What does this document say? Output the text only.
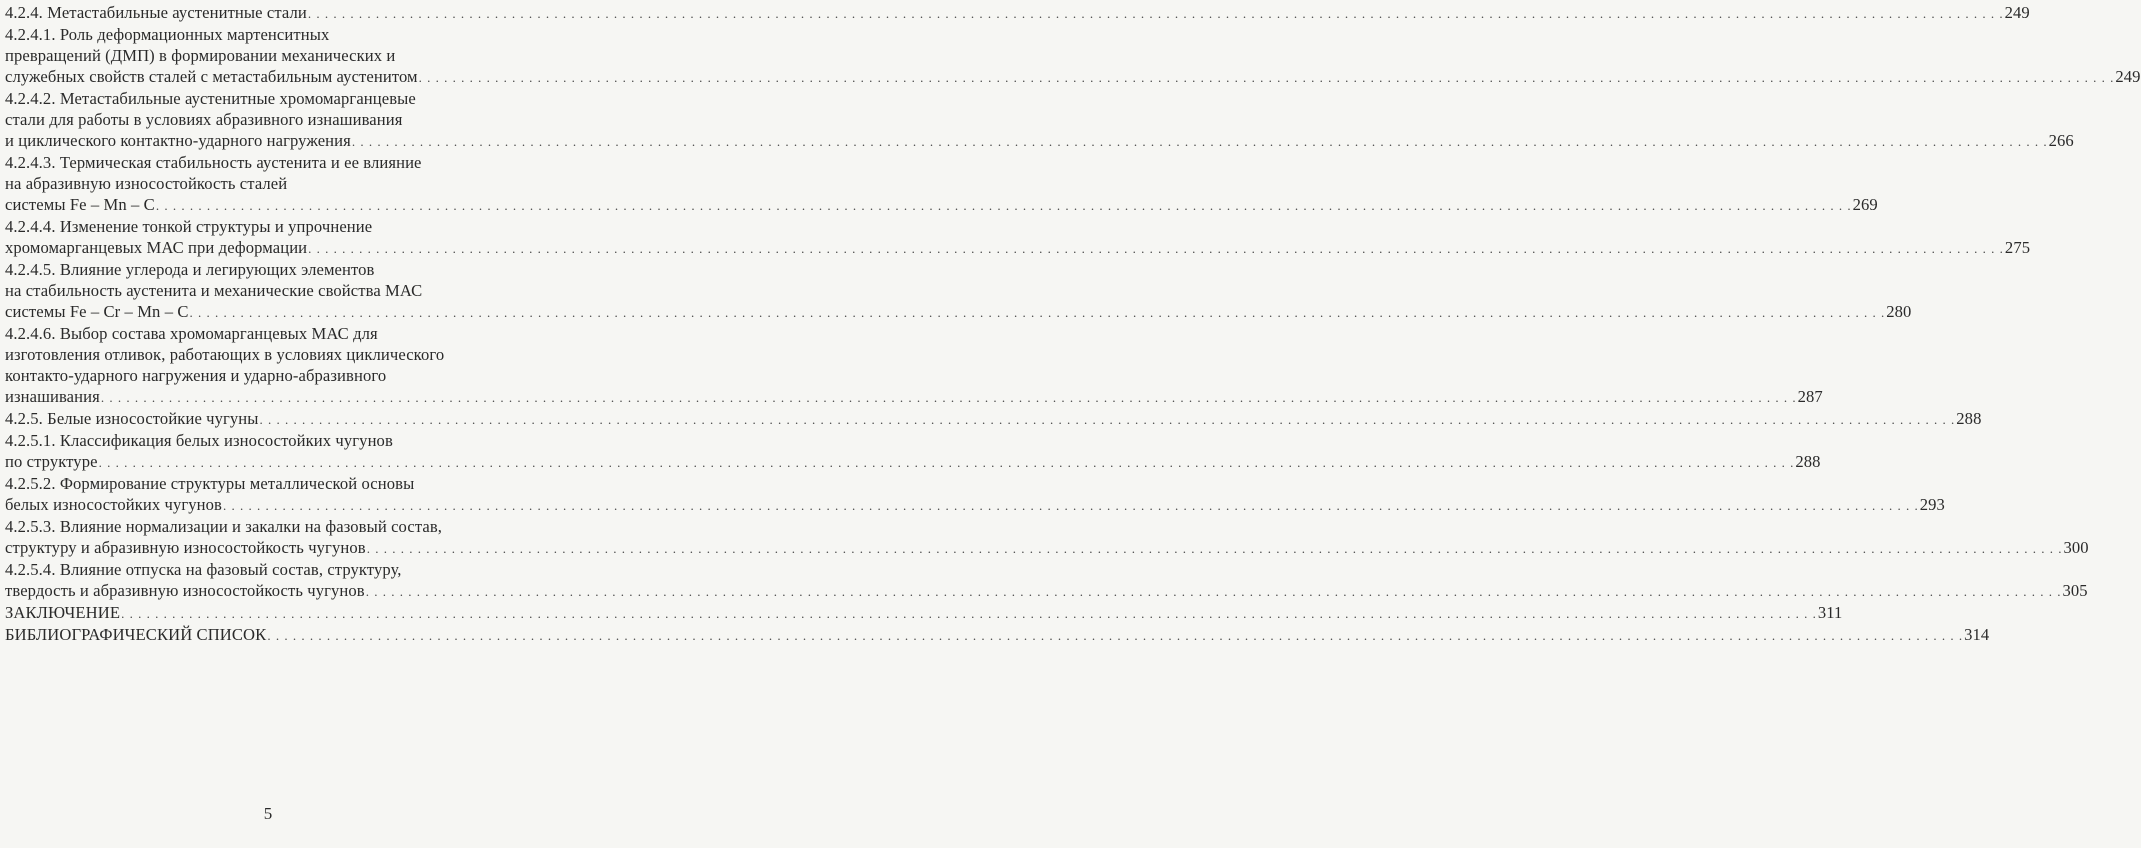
4.2.4. Метастабильные аустенитные стали . . . . . . . . . . . . . . . . . . . . . . . . . . . . . . . . . . . . . . . . . . . . . . . . . . . . . . . . . . . . . . . . . . . . . . . . . . . . . . . . . . . . . . . . . . . . . . . . . . . . . . . . . . . . . . . . . . . . . . . . . . . . . . . . . . . . . . . . . . . . . . . . . . . . . . . . . . . . . . . . . . . . . . . . . . . . . . . . . . . . . . . . . . . . . . . . . . . . . . . . 249
4.2.4.1. Роль деформационных мартенситных
превращений (ДМП) в формировании механических и
служебных свойств сталей с метастабильным аустенитом . . . . . . . . . . . . . . . . . . . . . . . . . . . . . . . . . . . . . . . . . . . . . . . . . . . . . . . . . . . . . . . . . . . . . . . . . . . . . . . . . . . . . . . . . . . . . . . . . . . . . . . . . . . . . . . . . . . . . . . . . . . . . . . . . . . . . . . . . . . . . . . . . . . . . . . . . . . . . . . . . . . . . . . . . . . . . . . . . . . . . . . . . . . . . . . . . . . . . . . . 249
4.2.4.2. Метастабильные аустенитные хромомарганцевые
стали для работы в условиях абразивного изнашивания
и циклического контактно-ударного нагружения . . . . . . . . . . . . . . . . . . . . . . . . . . . . . . . . . . . . . . . . . . . . . . . . . . . . . . . . . . . . . . . . . . . . . . . . . . . . . . . . . . . . . . . . . . . . . . . . . . . . . . . . . . . . . . . . . . . . . . . . . . . . . . . . . . . . . . . . . . . . . . . . . . . . . . . . . . . . . . . . . . . . . . . . . . . . . . . . . . . . . . . . . . . . . . . . . . . . . . . . 266
4.2.4.3. Термическая стабильность аустенита и ее влияние
на абразивную износостойкость сталей
системы Fe – Mn – C . . . . . . . . . . . . . . . . . . . . . . . . . . . . . . . . . . . . . . . . . . . . . . . . . . . . . . . . . . . . . . . . . . . . . . . . . . . . . . . . . . . . . . . . . . . . . . . . . . . . . . . . . . . . . . . . . . . . . . . . . . . . . . . . . . . . . . . . . . . . . . . . . . . . . . . . . . . . . . . . . . . . . . . . . . . . . . . . . . . . . . . . . . . . . . . . . . . . . . . . 269
4.2.4.4. Изменение тонкой структуры и упрочнение
хромомарганцевых МАС при деформации . . . . . . . . . . . . . . . . . . . . . . . . . . . . . . . . . . . . . . . . . . . . . . . . . . . . . . . . . . . . . . . . . . . . . . . . . . . . . . . . . . . . . . . . . . . . . . . . . . . . . . . . . . . . . . . . . . . . . . . . . . . . . . . . . . . . . . . . . . . . . . . . . . . . . . . . . . . . . . . . . . . . . . . . . . . . . . . . . . . . . . . . . . . . . . . . . . . . . . . . 275
4.2.4.5. Влияние углерода и легирующих элементов
на стабильность аустенита и механические свойства МАС
системы Fe – Cr – Mn – C . . . . . . . . . . . . . . . . . . . . . . . . . . . . . . . . . . . . . . . . . . . . . . . . . . . . . . . . . . . . . . . . . . . . . . . . . . . . . . . . . . . . . . . . . . . . . . . . . . . . . . . . . . . . . . . . . . . . . . . . . . . . . . . . . . . . . . . . . . . . . . . . . . . . . . . . . . . . . . . . . . . . . . . . . . . . . . . . . . . . . . . . . . . . . . . . . . . . . . . . 280
4.2.4.6. Выбор состава хромомарганцевых МАС для
изготовления отливок, работающих в условиях циклического
контакто-ударного нагружения и ударно-абразивного
изнашивания . . . . . . . . . . . . . . . . . . . . . . . . . . . . . . . . . . . . . . . . . . . . . . . . . . . . . . . . . . . . . . . . . . . . . . . . . . . . . . . . . . . . . . . . . . . . . . . . . . . . . . . . . . . . . . . . . . . . . . . . . . . . . . . . . . . . . . . . . . . . . . . . . . . . . . . . . . . . . . . . . . . . . . . . . . . . . . . . . . . . . . . . . . . . . . . . . . . . . . . . 287
4.2.5. Белые износостойкие чугуны . . . . . . . . . . . . . . . . . . . . . . . . . . . . . . . . . . . . . . . . . . . . . . . . . . . . . . . . . . . . . . . . . . . . . . . . . . . . . . . . . . . . . . . . . . . . . . . . . . . . . . . . . . . . . . . . . . . . . . . . . . . . . . . . . . . . . . . . . . . . . . . . . . . . . . . . . . . . . . . . . . . . . . . . . . . . . . . . . . . . . . . . . . . . . . . . . . . . . . . . 288
4.2.5.1. Классификация белых износостойких чугунов
по структуре . . . . . . . . . . . . . . . . . . . . . . . . . . . . . . . . . . . . . . . . . . . . . . . . . . . . . . . . . . . . . . . . . . . . . . . . . . . . . . . . . . . . . . . . . . . . . . . . . . . . . . . . . . . . . . . . . . . . . . . . . . . . . . . . . . . . . . . . . . . . . . . . . . . . . . . . . . . . . . . . . . . . . . . . . . . . . . . . . . . . . . . . . . . . . . . . . . . . . . . . 288
4.2.5.2. Формирование структуры металлической основы
белых износостойких чугунов . . . . . . . . . . . . . . . . . . . . . . . . . . . . . . . . . . . . . . . . . . . . . . . . . . . . . . . . . . . . . . . . . . . . . . . . . . . . . . . . . . . . . . . . . . . . . . . . . . . . . . . . . . . . . . . . . . . . . . . . . . . . . . . . . . . . . . . . . . . . . . . . . . . . . . . . . . . . . . . . . . . . . . . . . . . . . . . . . . . . . . . . . . . . . . . . . . . . . . . . 293
4.2.5.3. Влияние нормализации и закалки на фазовый состав,
структуру и абразивную износостойкость чугунов . . . . . . . . . . . . . . . . . . . . . . . . . . . . . . . . . . . . . . . . . . . . . . . . . . . . . . . . . . . . . . . . . . . . . . . . . . . . . . . . . . . . . . . . . . . . . . . . . . . . . . . . . . . . . . . . . . . . . . . . . . . . . . . . . . . . . . . . . . . . . . . . . . . . . . . . . . . . . . . . . . . . . . . . . . . . . . . . . . . . . . . . . . . . . . . . . . . . . . . . 300
4.2.5.4. Влияние отпуска на фазовый состав, структуру,
твердость и абразивную износостойкость чугунов . . . . . . . . . . . . . . . . . . . . . . . . . . . . . . . . . . . . . . . . . . . . . . . . . . . . . . . . . . . . . . . . . . . . . . . . . . . . . . . . . . . . . . . . . . . . . . . . . . . . . . . . . . . . . . . . . . . . . . . . . . . . . . . . . . . . . . . . . . . . . . . . . . . . . . . . . . . . . . . . . . . . . . . . . . . . . . . . . . . . . . . . . . . . . . . . . . . . . . . . 305
ЗАКЛЮЧЕНИЕ . . . . . . . . . . . . . . . . . . . . . . . . . . . . . . . . . . . . . . . . . . . . . . . . . . . . . . . . . . . . . . . . . . . . . . . . . . . . . . . . . . . . . . . . . . . . . . . . . . . . . . . . . . . . . . . . . . . . . . . . . . . . . . . . . . . . . . . . . . . . . . . . . . . . . . . . . . . . . . . . . . . . . . . . . . . . . . . . . . . . . . . . . . . . . . . . . . . . . . . . 311
БИБЛИОГРАФИЧЕСКИЙ СПИСОК . . . . . . . . . . . . . . . . . . . . . . . . . . . . . . . . . . . . . . . . . . . . . . . . . . . . . . . . . . . . . . . . . . . . . . . . . . . . . . . . . . . . . . . . . . . . . . . . . . . . . . . . . . . . . . . . . . . . . . . . . . . . . . . . . . . . . . . . . . . . . . . . . . . . . . . . . . . . . . . . . . . . . . . . . . . . . . . . . . . . . . . . . . . . . . . . . . . . . . . . 314
5
